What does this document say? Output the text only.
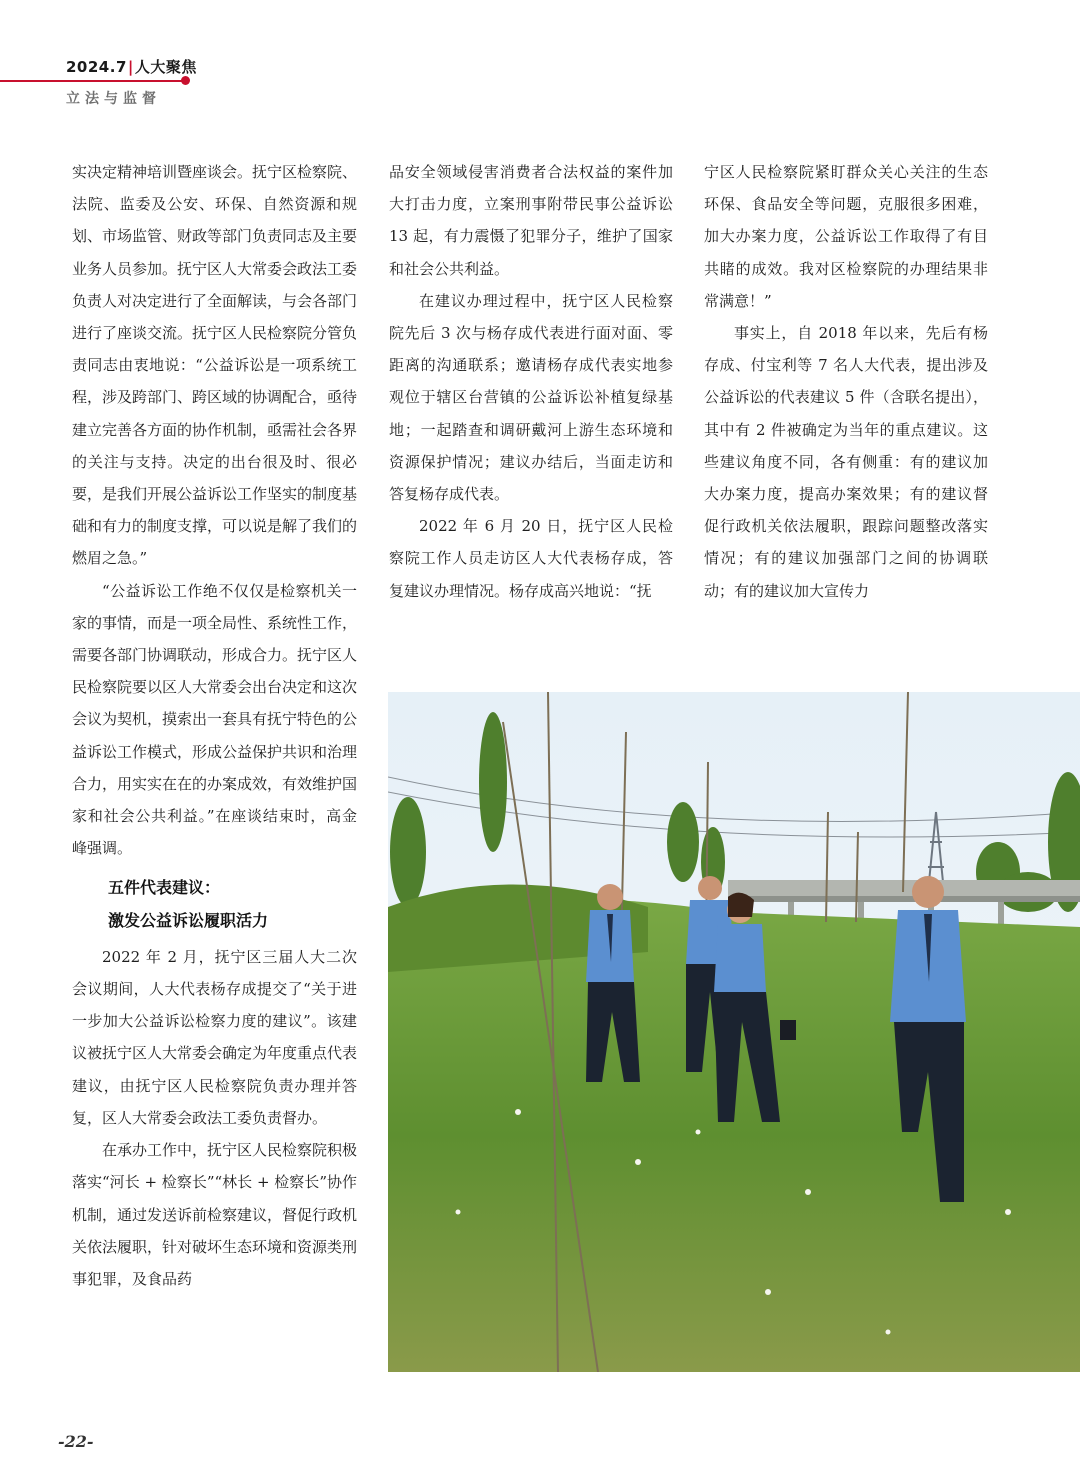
2024.7|人大聚焦
立法与监督

实决定精神培训暨座谈会。抚宁区检察院、法院、监委及公安、环保、自然资源和规划、市场监管、财政等部门负责同志及主要业务人员参加。抚宁区人大常委会政法工委负责人对决定进行了全面解读，与会各部门进行了座谈交流。抚宁区人民检察院分管负责同志由衷地说：“公益诉讼是一项系统工程，涉及跨部门、跨区域的协调配合，亟待建立完善各方面的协作机制，亟需社会各界的关注与支持。决定的出台很及时、很必要，是我们开展公益诉讼工作坚实的制度基础和有力的制度支撑，可以说是解了我们的燃眉之急。”

“公益诉讼工作绝不仅仅是检察机关一家的事情，而是一项全局性、系统性工作，需要各部门协调联动，形成合力。抚宁区人民检察院要以区人大常委会出台决定和这次会议为契机，摸索出一套具有抚宁特色的公益诉讼工作模式，形成公益保护共识和治理合力，用实实在在的办案成效，有效维护国家和社会公共利益。”在座谈结束时，高金峰强调。

五件代表建议：
激发公益诉讼履职活力

2022 年 2 月，抚宁区三届人大二次会议期间，人大代表杨存成提交了“关于进一步加大公益诉讼检察力度的建议”。该建议被抚宁区人大常委会确定为年度重点代表建议，由抚宁区人民检察院负责办理并答复，区人大常委会政法工委负责督办。

在承办工作中，抚宁区人民检察院积极落实“河长 + 检察长”“林长 + 检察长”协作机制，通过发送诉前检察建议，督促行政机关依法履职，针对破坏生态环境和资源类刑事犯罪，及食品药

品安全领域侵害消费者合法权益的案件加大打击力度，立案刑事附带民事公益诉讼 13 起，有力震慑了犯罪分子，维护了国家和社会公共利益。

在建议办理过程中，抚宁区人民检察院先后 3 次与杨存成代表进行面对面、零距离的沟通联系；邀请杨存成代表实地参观位于辖区台营镇的公益诉讼补植复绿基地；一起踏查和调研戴河上游生态环境和资源保护情况；建议办结后，当面走访和答复杨存成代表。

2022 年 6 月 20 日，抚宁区人民检察院工作人员走访区人大代表杨存成，答复建议办理情况。杨存成高兴地说：“抚

宁区人民检察院紧盯群众关心关注的生态环保、食品安全等问题，克服很多困难，加大办案力度，公益诉讼工作取得了有目共睹的成效。我对区检察院的办理结果非常满意！”

事实上，自 2018 年以来，先后有杨存成、付宝利等 7 名人大代表，提出涉及公益诉讼的代表建议 5 件（含联名提出），其中有 2 件被确定为当年的重点建议。这些建议角度不同，各有侧重：有的建议加大办案力度，提高办案效果；有的建议督促行政机关依法履职，跟踪问题整改落实情况；有的建议加强部门之间的协调联动；有的建议加大宣传力

-22-
